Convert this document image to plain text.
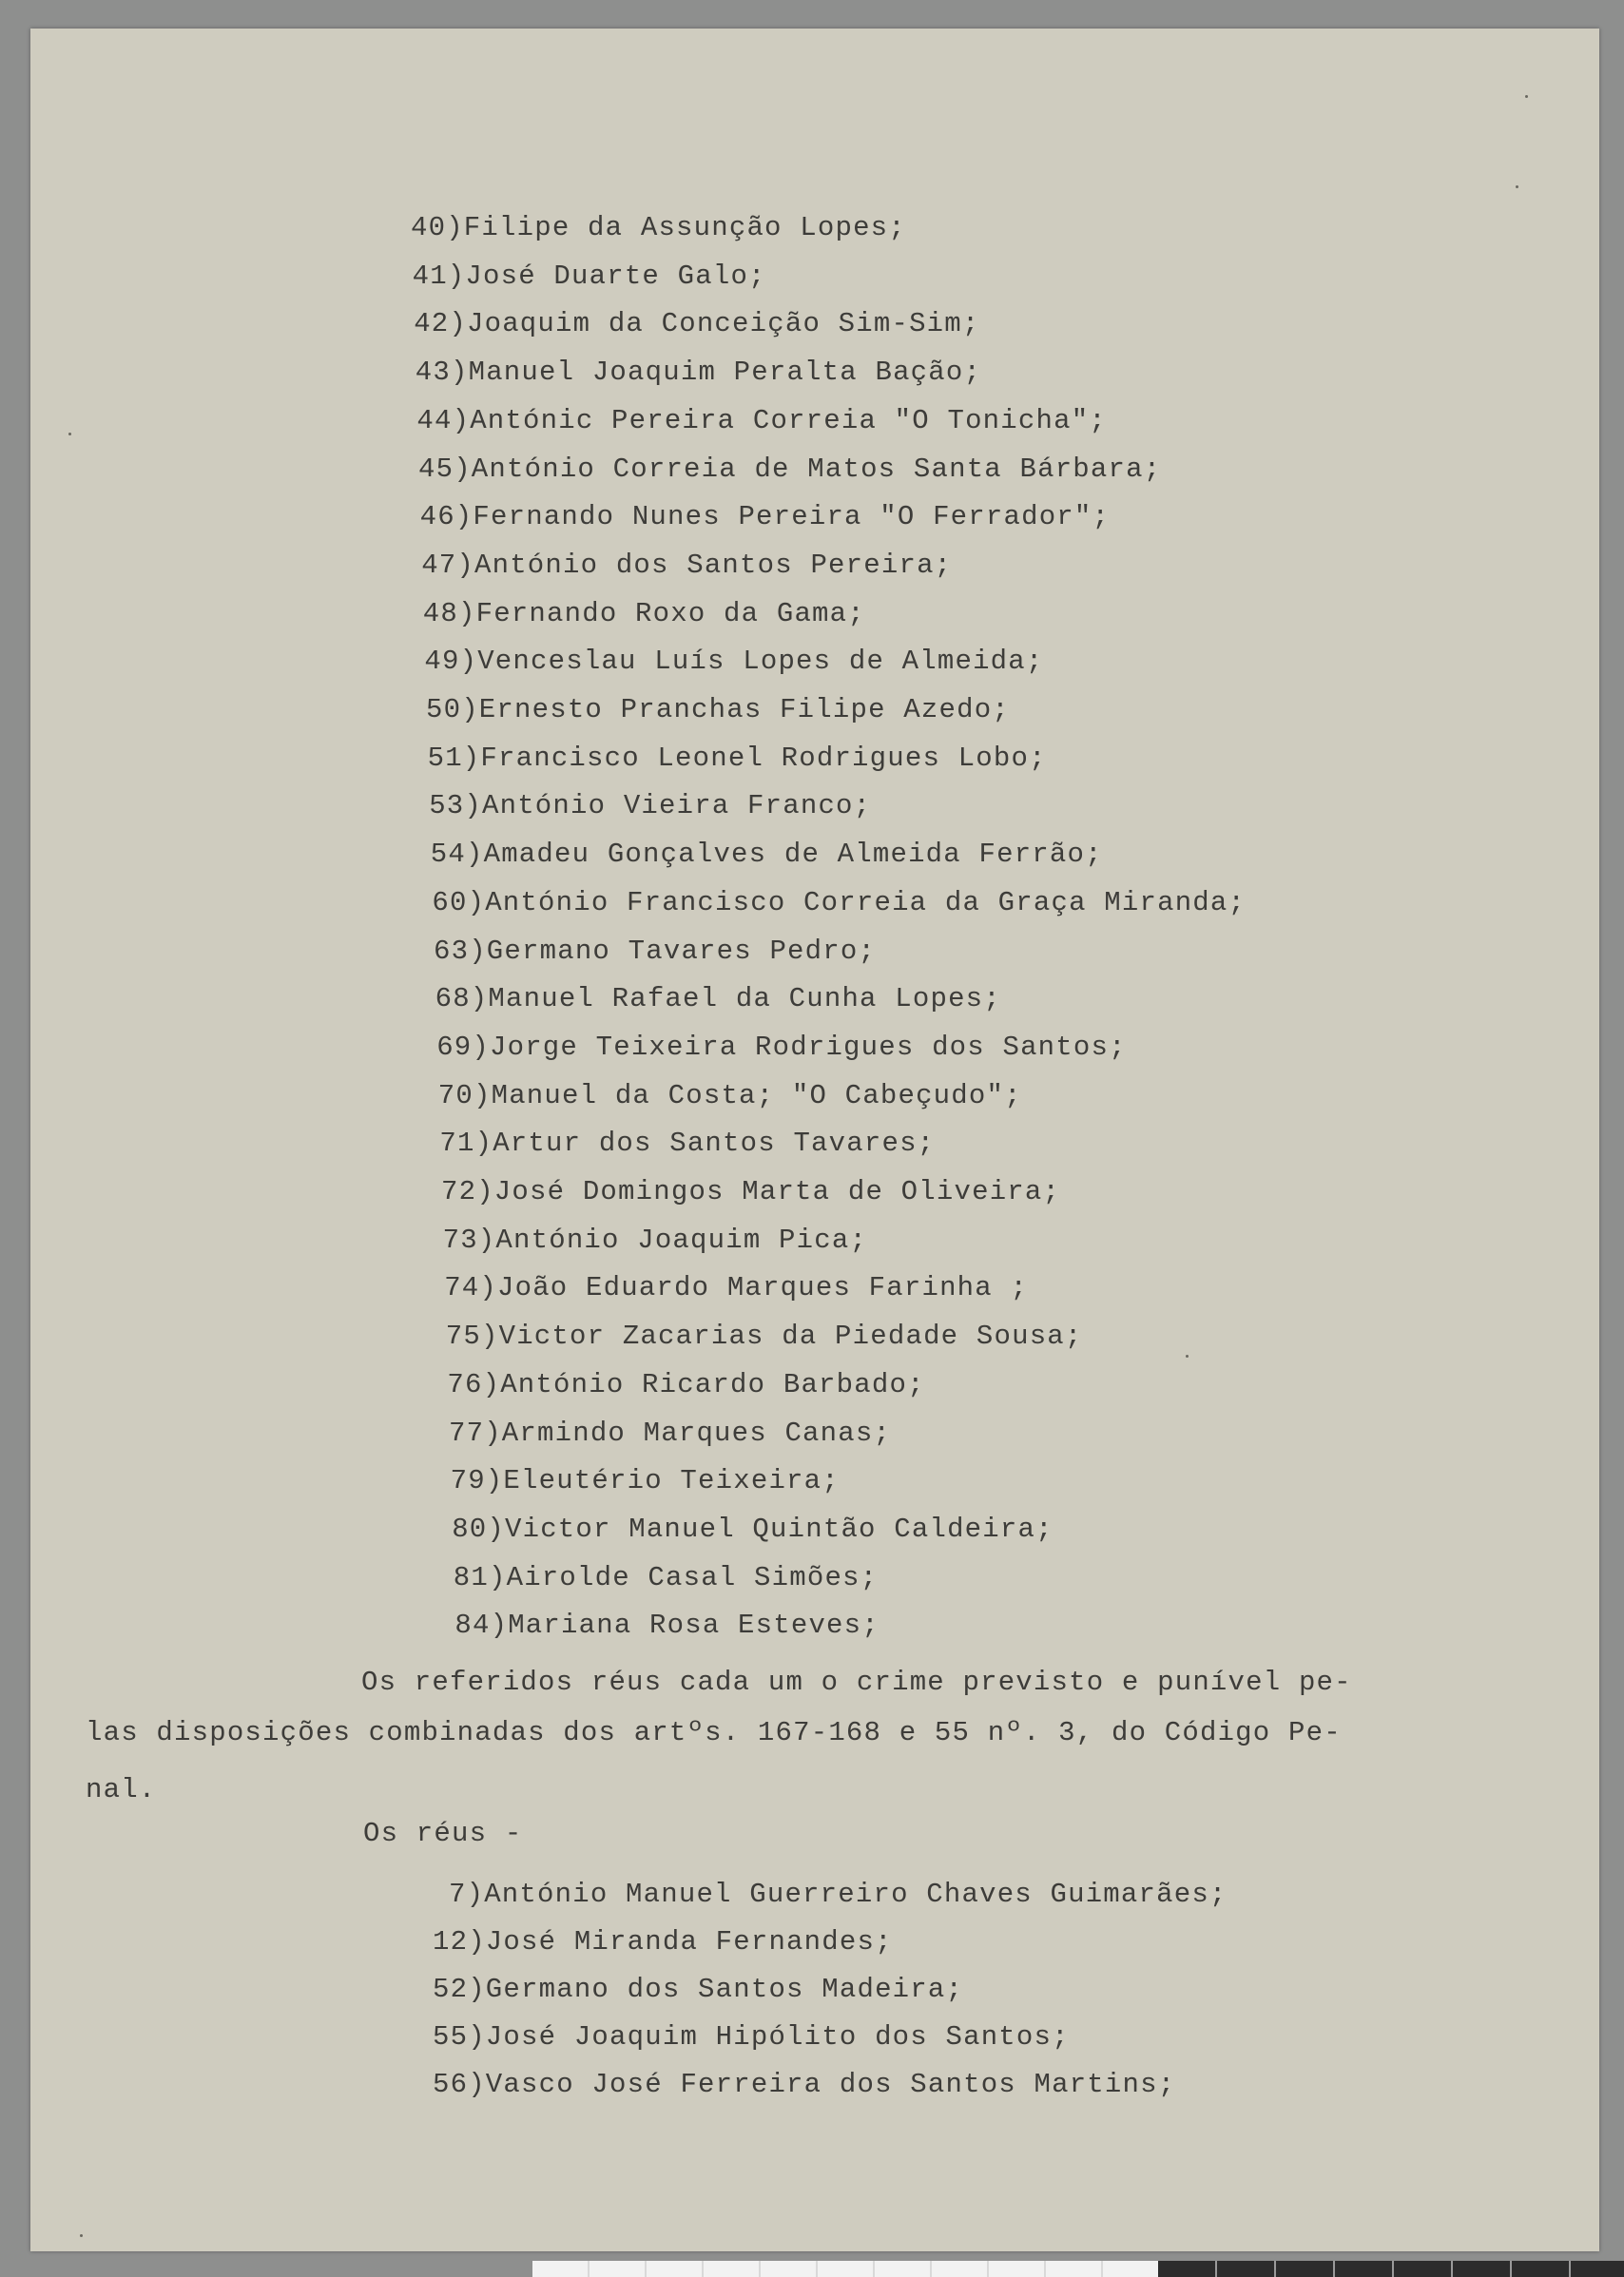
40)Filipe da Assunção Lopes;
41)José Duarte Galo;
42)Joaquim da Conceição Sim-Sim;
43)Manuel Joaquim Peralta Bação;
44)Antónic Pereira Correia "O Tonicha";
45)António Correia de Matos Santa Bárbara;
46)Fernando Nunes Pereira "O Ferrador";
47)António dos Santos Pereira;
48)Fernando Roxo da Gama;
49)Venceslau Luís Lopes de Almeida;
50)Ernesto Pranchas Filipe Azedo;
51)Francisco Leonel Rodrigues Lobo;
53)António Vieira Franco;
54)Amadeu Gonçalves de Almeida Ferrão;
60)António Francisco Correia da Graça Miranda;
63)Germano Tavares Pedro;
68)Manuel Rafael da Cunha Lopes;
69)Jorge Teixeira Rodrigues dos Santos;
70)Manuel da Costa; "O Cabeçudo";
71)Artur dos Santos Tavares;
72)José Domingos Marta de Oliveira;
73)António Joaquim Pica;
74)João Eduardo Marques Farinha ;
75)Victor Zacarias da Piedade Sousa;
76)António Ricardo Barbado;
77)Armindo Marques Canas;
79)Eleutério Teixeira;
80)Victor Manuel Quintão Caldeira;
81)Airolde Casal Simões;
84)Mariana Rosa Esteves;
Os referidos réus cada um o crime previsto e punível pe-
las disposições combinadas dos artºs. 167-168 e 55 nº. 3, do Código Pe-
nal.
Os réus -
7)António Manuel Guerreiro Chaves Guimarães;
12)José Miranda Fernandes;
52)Germano dos Santos Madeira;
55)José Joaquim Hipólito dos Santos;
56)Vasco José Ferreira dos Santos Martins;
